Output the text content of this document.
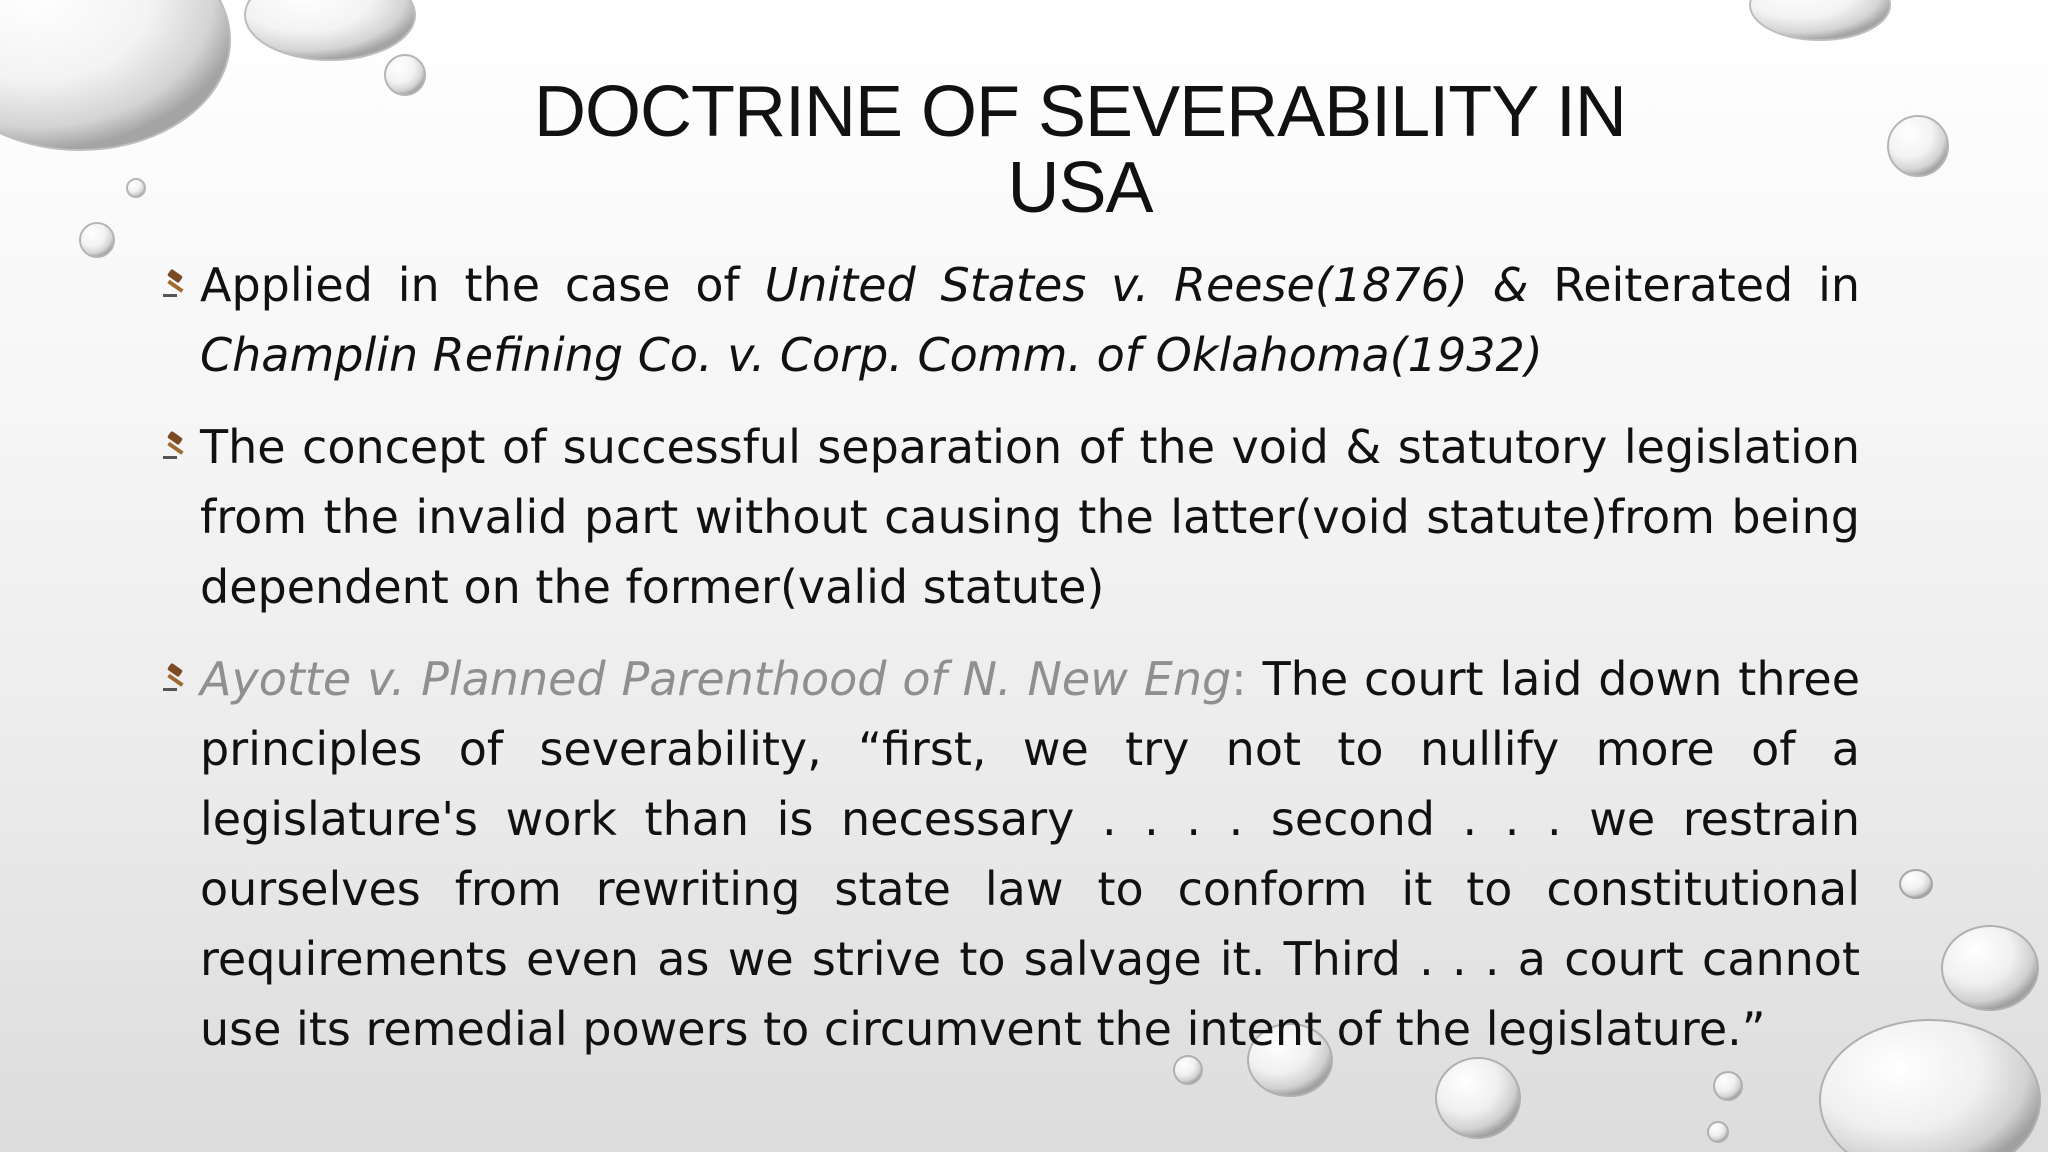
DOCTRINE OF SEVERABILITY IN
USA

Applied in the case of United States v. Reese(1876) & Reiterated in Champlin Refining Co. v. Corp. Comm. of Oklahoma(1932)

The concept of successful separation of the void & statutory legislation from the invalid part without causing the latter(void statute)from being dependent on the former(valid statute)

Ayotte v. Planned Parenthood of N. New Eng: The court laid down three principles of severability, “first, we try not to nullify more of a legislature's work than is necessary . . . . second . . . we restrain ourselves from rewriting state law to conform it to constitutional requirements even as we strive to salvage it. Third . . . a court cannot use its remedial powers to circumvent the intent of the legislature.”
